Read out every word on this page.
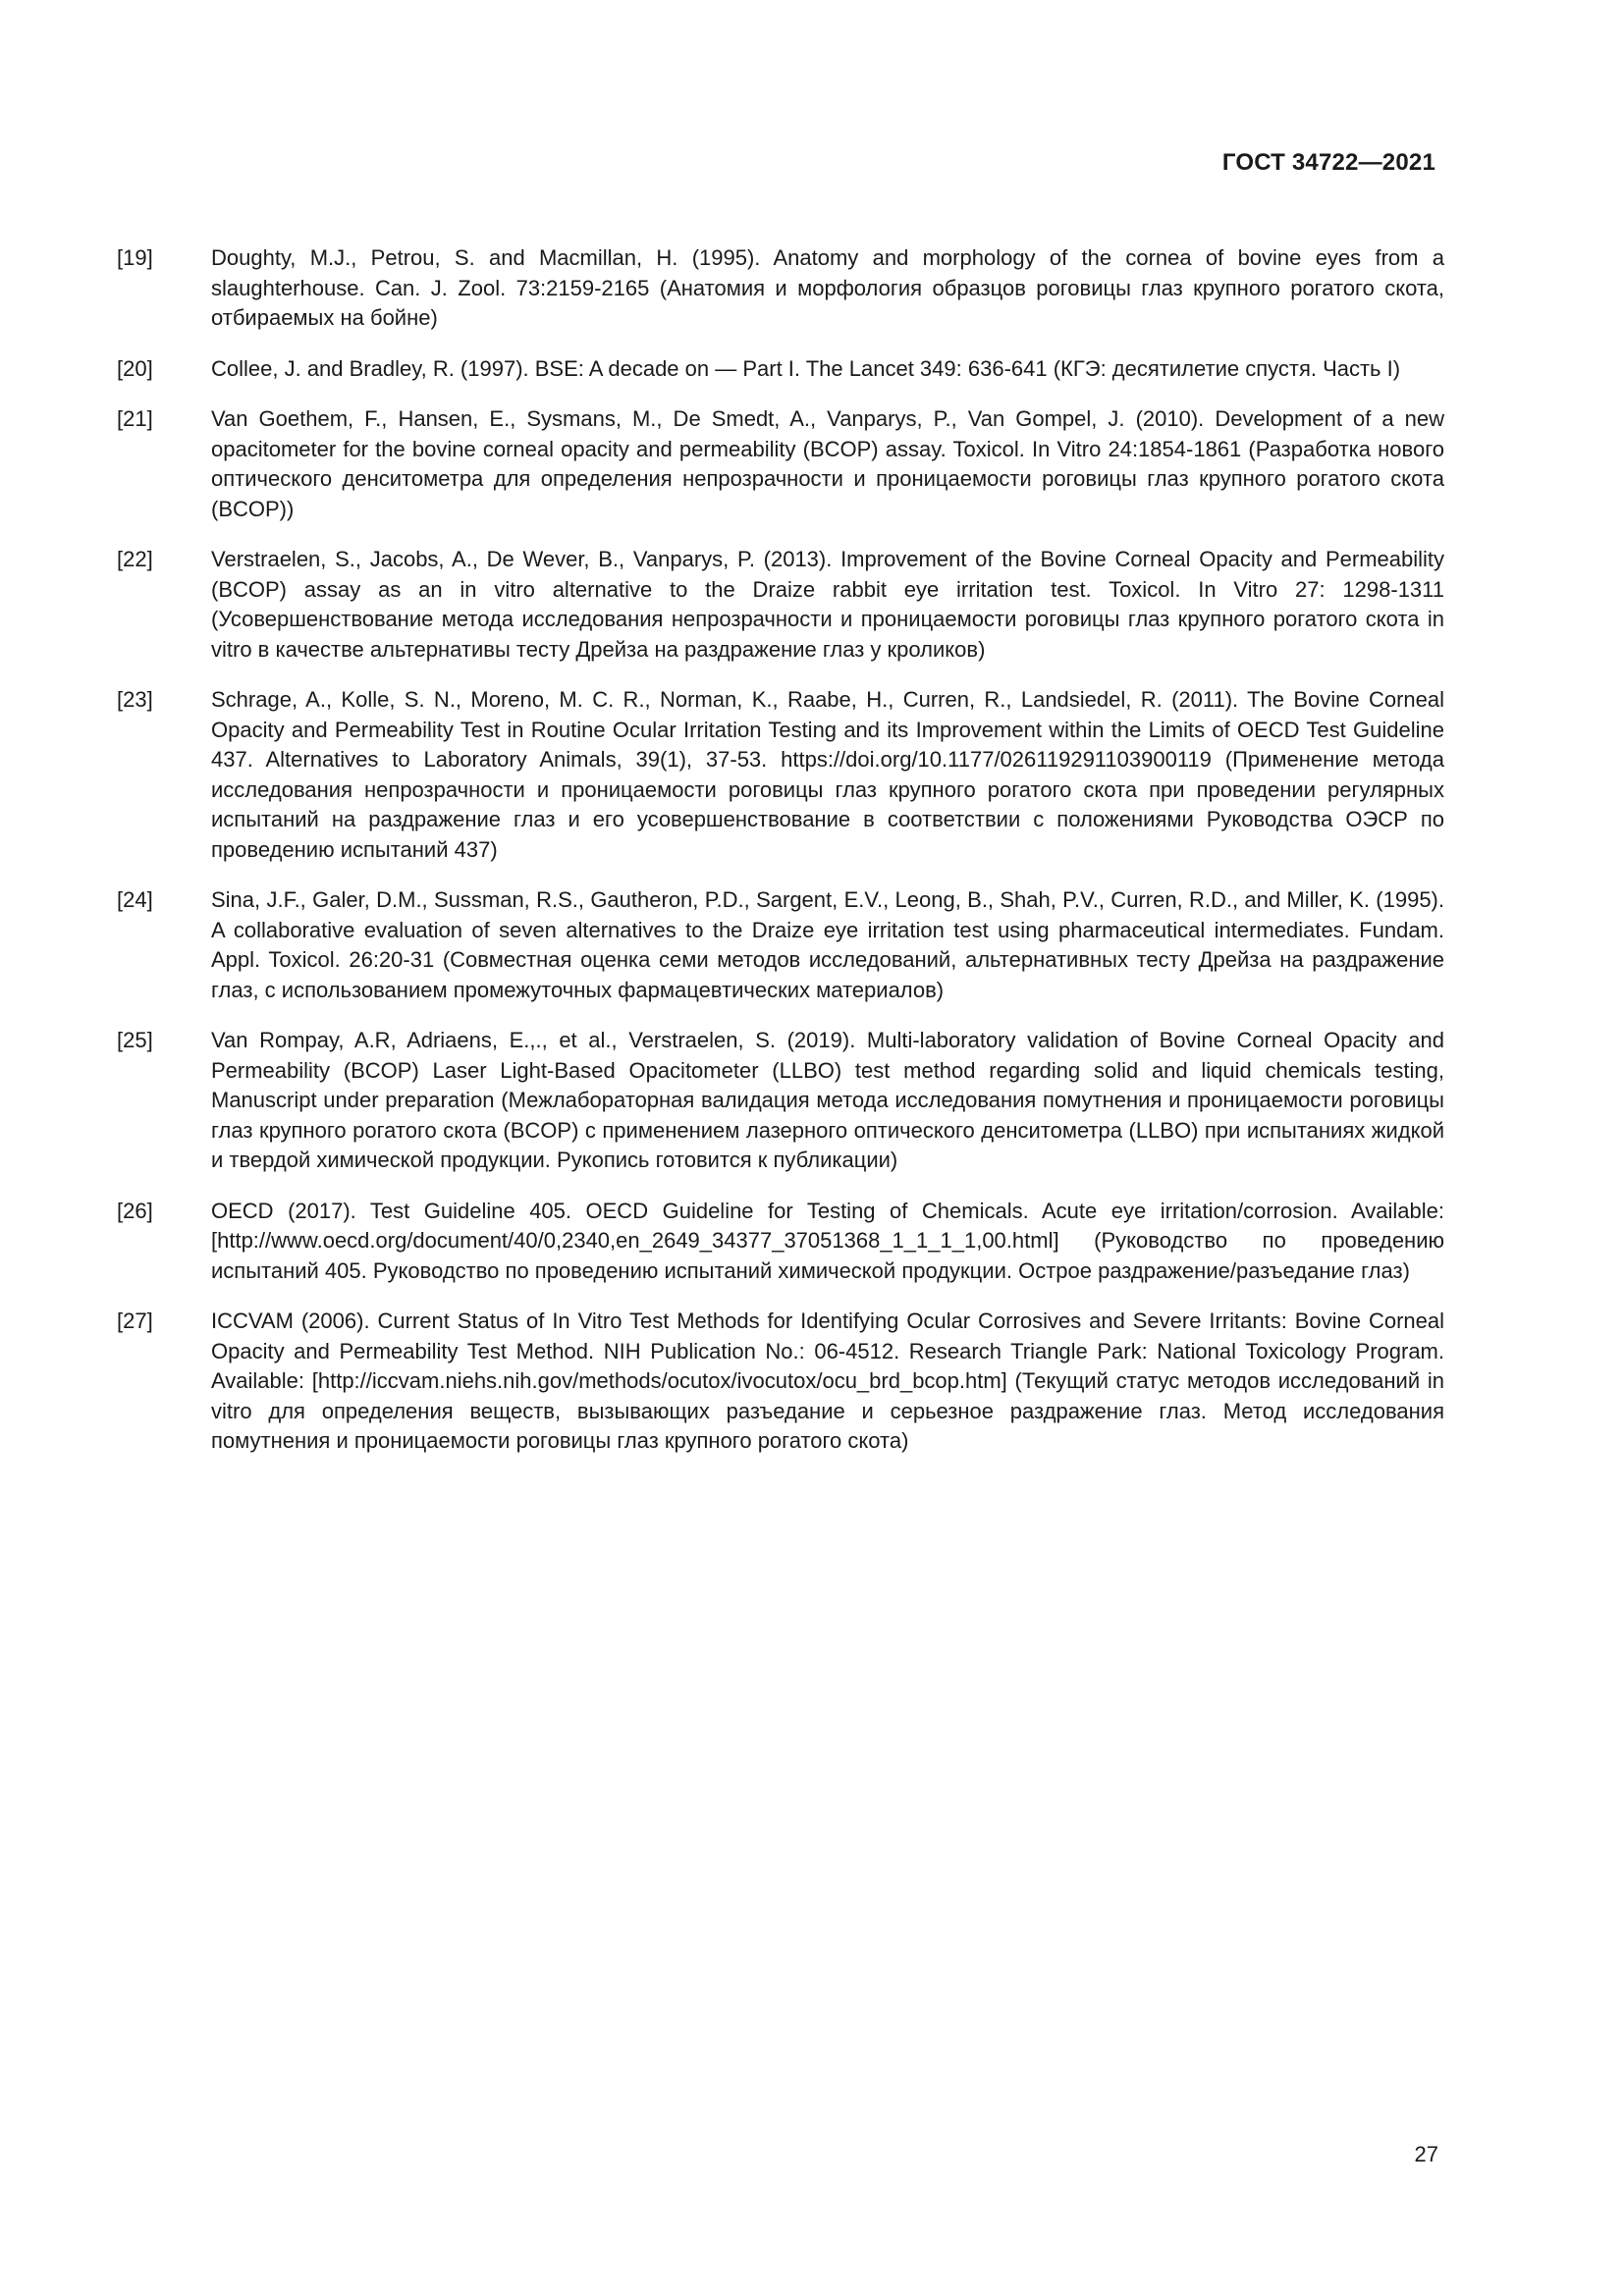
ГОСТ 34722—2021
[19]	Doughty, M.J., Petrou, S. and Macmillan, H. (1995). Anatomy and morphology of the cornea of bovine eyes from a slaughterhouse. Can. J. Zool. 73:2159-2165 (Анатомия и морфология образцов роговицы глаз крупного рогатого скота, отбираемых на бойне)
[20]	Collee, J. and Bradley, R. (1997). BSE: A decade on — Part I. The Lancet 349: 636-641 (КГЭ: десятилетие спустя. Часть I)
[21]	Van Goethem, F., Hansen, E., Sysmans, M., De Smedt, A., Vanparys, P., Van Gompel, J. (2010). Development of a new opacitometer for the bovine corneal opacity and permeability (BCOP) assay. Toxicol. In Vitro 24:1854-1861 (Разработка нового оптического денситометра для определения непрозрачности и проницаемости роговицы глаз крупного рогатого скота (BCOP))
[22]	Verstraelen, S., Jacobs, A., De Wever, B., Vanparys, P. (2013). Improvement of the Bovine Corneal Opacity and Permeability (BCOP) assay as an in vitro alternative to the Draize rabbit eye irritation test. Toxicol. In Vitro 27: 1298-1311 (Усовершенствование метода исследования непрозрачности и проницаемости роговицы глаз крупного рогатого скота in vitro в качестве альтернативы тесту Дрейза на раздражение глаз у кроликов)
[23]	Schrage, A., Kolle, S. N., Moreno, M. C. R., Norman, K., Raabe, H., Curren, R., Landsiedel, R. (2011). The Bovine Corneal Opacity and Permeability Test in Routine Ocular Irritation Testing and its Improvement within the Limits of OECD Test Guideline 437. Alternatives to Laboratory Animals, 39(1), 37-53. https://doi.org/10.1177/026119291103900119 (Применение метода исследования непрозрачности и проницаемости роговицы глаз крупного рогатого скота при проведении регулярных испытаний на раздражение глаз и его усовершенствование в соответствии с положениями Руководства ОЭСР по проведению испытаний 437)
[24]	Sina, J.F., Galer, D.M., Sussman, R.S., Gautheron, P.D., Sargent, E.V., Leong, B., Shah, P.V., Curren, R.D., and Miller, K. (1995). A collaborative evaluation of seven alternatives to the Draize eye irritation test using pharmaceutical intermediates. Fundam. Appl. Toxicol. 26:20-31 (Совместная оценка семи методов исследований, альтернативных тесту Дрейза на раздражение глаз, с использованием промежуточных фармацевтических материалов)
[25]	Van Rompay, A.R, Adriaens, E.,., et al., Verstraelen, S. (2019). Multi-laboratory validation of Bovine Corneal Opacity and Permeability (BCOP) Laser Light-Based Opacitometer (LLBO) test method regarding solid and liquid chemicals testing, Manuscript under preparation (Межлабораторная валидация метода исследования помутнения и проницаемости роговицы глаз крупного рогатого скота (BCOP) с применением лазерного оптического денситометра (LLBO) при испытаниях жидкой и твердой химической продукции. Рукопись готовится к публикации)
[26]	OECD (2017). Test Guideline 405. OECD Guideline for Testing of Chemicals. Acute eye irritation/corrosion. Available: [http://www.oecd.org/document/40/0,2340,en_2649_34377_37051368_1_1_1_1,00.html] (Руководство по проведению испытаний 405. Руководство по проведению испытаний химической продукции. Острое раздражение/разъедание глаз)
[27]	ICCVAM (2006). Current Status of In Vitro Test Methods for Identifying Ocular Corrosives and Severe Irritants: Bovine Corneal Opacity and Permeability Test Method. NIH Publication No.: 06-4512. Research Triangle Park: National Toxicology Program. Available: [http://iccvam.niehs.nih.gov/methods/ocutox/ivocutox/ocu_brd_bcop.htm] (Текущий статус методов исследований in vitro для определения веществ, вызывающих разъедание и серьезное раздражение глаз. Метод исследования помутнения и проницаемости роговицы глаз крупного рогатого скота)
27
